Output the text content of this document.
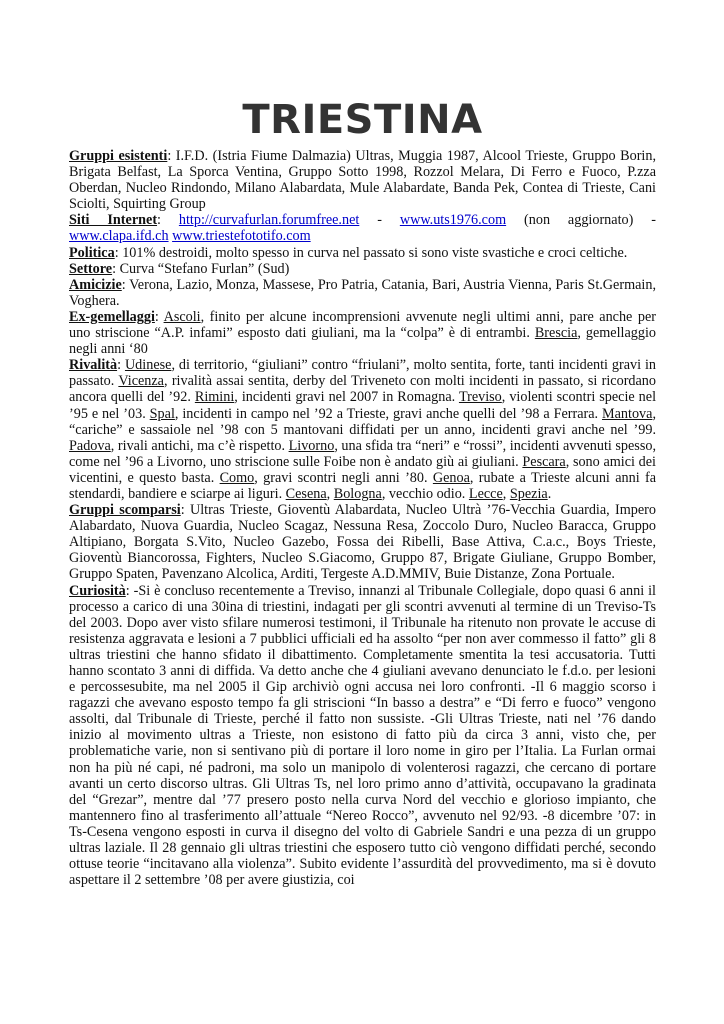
TRIESTINA

Gruppi esistenti: I.F.D. (Istria Fiume Dalmazia) Ultras, Muggia 1987, Alcool Trieste, Gruppo Borin, Brigata Belfast, La Sporca Ventina, Gruppo Sotto 1998, Rozzol Melara, Di Ferro e Fuoco, P.zza Oberdan, Nucleo Rindondo, Milano Alabardata, Mule Alabardate, Banda Pek, Contea di Trieste, Cani Sciolti, Squirting Group

Siti Internet: http://curvafurlan.forumfree.net - www.uts1976.com (non aggiornato) - www.clapa.ifd.ch www.triestefototifo.com

Politica: 101% destroidi, molto spesso in curva nel passato si sono viste svastiche e croci celtiche.

Settore: Curva “Stefano Furlan” (Sud)

Amicizie: Verona, Lazio, Monza, Massese, Pro Patria, Catania, Bari, Austria Vienna, Paris St.Germain, Voghera.

Ex-gemellaggi: Ascoli, finito per alcune incomprensioni avvenute negli ultimi anni, pare anche per uno striscione “A.P. infami” esposto dati giuliani, ma la “colpa” è di entrambi. Brescia, gemellaggio negli anni ‘80

Rivalità: Udinese, di territorio, “giuliani” contro “friulani”, molto sentita, forte, tanti incidenti gravi in passato. Vicenza, rivalità assai sentita, derby del Triveneto con molti incidenti in passato, si ricordano ancora quelli del ’92. Rimini, incidenti gravi nel 2007 in Romagna. Treviso, violenti scontri specie nel ’95 e nel ’03. Spal, incidenti in campo nel ’92 a Trieste, gravi anche quelli del ’98 a Ferrara. Mantova, “cariche” e sassaiole nel ’98 con 5 mantovani diffidati per un anno, incidenti gravi anche nel ’99. Padova, rivali antichi, ma c’è rispetto. Livorno, una sfida tra “neri” e “rossi”, incidenti avvenuti spesso, come nel ’96 a Livorno, uno striscione sulle Foibe non è andato giù ai giuliani. Pescara, sono amici dei vicentini, e questo basta. Como, gravi scontri negli anni ’80. Genoa, rubate a Trieste alcuni anni fa stendardi, bandiere e sciarpe ai liguri. Cesena, Bologna, vecchio odio. Lecce, Spezia.

Gruppi scomparsi: Ultras Trieste, Gioventù Alabardata, Nucleo Ultrà ’76-Vecchia Guardia, Impero Alabardato, Nuova Guardia, Nucleo Scagaz, Nessuna Resa, Zoccolo Duro, Nucleo Baracca, Gruppo Altipiano, Borgata S.Vito, Nucleo Gazebo, Fossa dei Ribelli, Base Attiva, C.a.c., Boys Trieste, Gioventù Biancorossa, Fighters, Nucleo S.Giacomo, Gruppo 87, Brigate Giuliane, Gruppo Bomber, Gruppo Spaten, Pavenzano Alcolica, Arditi, Tergeste A.D.MMIV, Buie Distanze, Zona Portuale.

Curiosità: -Si è concluso recentemente a Treviso, innanzi al Tribunale Collegiale, dopo quasi 6 anni il processo a carico di una 30ina di triestini, indagati per gli scontri avvenuti al termine di un Treviso-Ts del 2003. Dopo aver visto sfilare numerosi testimoni, il Tribunale ha ritenuto non provate le accuse di resistenza aggravata e lesioni a 7 pubblici ufficiali ed ha assolto “per non aver commesso il fatto” gli 8 ultras triestini che hanno sfidato il dibattimento. Completamente smentita la tesi accusatoria. Tutti hanno scontato 3 anni di diffida. Va detto anche che 4 giuliani avevano denunciato le f.d.o. per lesioni e percossesubite, ma nel 2005 il Gip archiviò ogni accusa nei loro confronti. -Il 6 maggio scorso i ragazzi che avevano esposto tempo fa gli striscioni “In basso a destra” e “Di ferro e fuoco” vengono assolti, dal Tribunale di Trieste, perché il fatto non sussiste. -Gli Ultras Trieste, nati nel ’76 dando inizio al movimento ultras a Trieste, non esistono di fatto più da circa 3 anni, visto che, per problematiche varie, non si sentivano più di portare il loro nome in giro per l’Italia. La Furlan ormai non ha più né capi, né padroni, ma solo un manipolo di volenterosi ragazzi, che cercano di portare avanti un certo discorso ultras. Gli Ultras Ts, nel loro primo anno d’attività, occupavano la gradinata del “Grezar”, mentre dal ’77 presero posto nella curva Nord del vecchio e glorioso impianto, che mantennero fino al trasferimento all’attuale “Nereo Rocco”, avvenuto nel 92/93. -8 dicembre ’07: in Ts-Cesena vengono esposti in curva il disegno del volto di Gabriele Sandri e una pezza di un gruppo ultras laziale. Il 28 gennaio gli ultras triestini che esposero tutto ciò vengono diffidati perché, secondo ottuse teorie “incitavano alla violenza”. Subito evidente l’assurdità del provvedimento, ma si è dovuto aspettare il 2 settembre ’08 per avere giustizia, coi
